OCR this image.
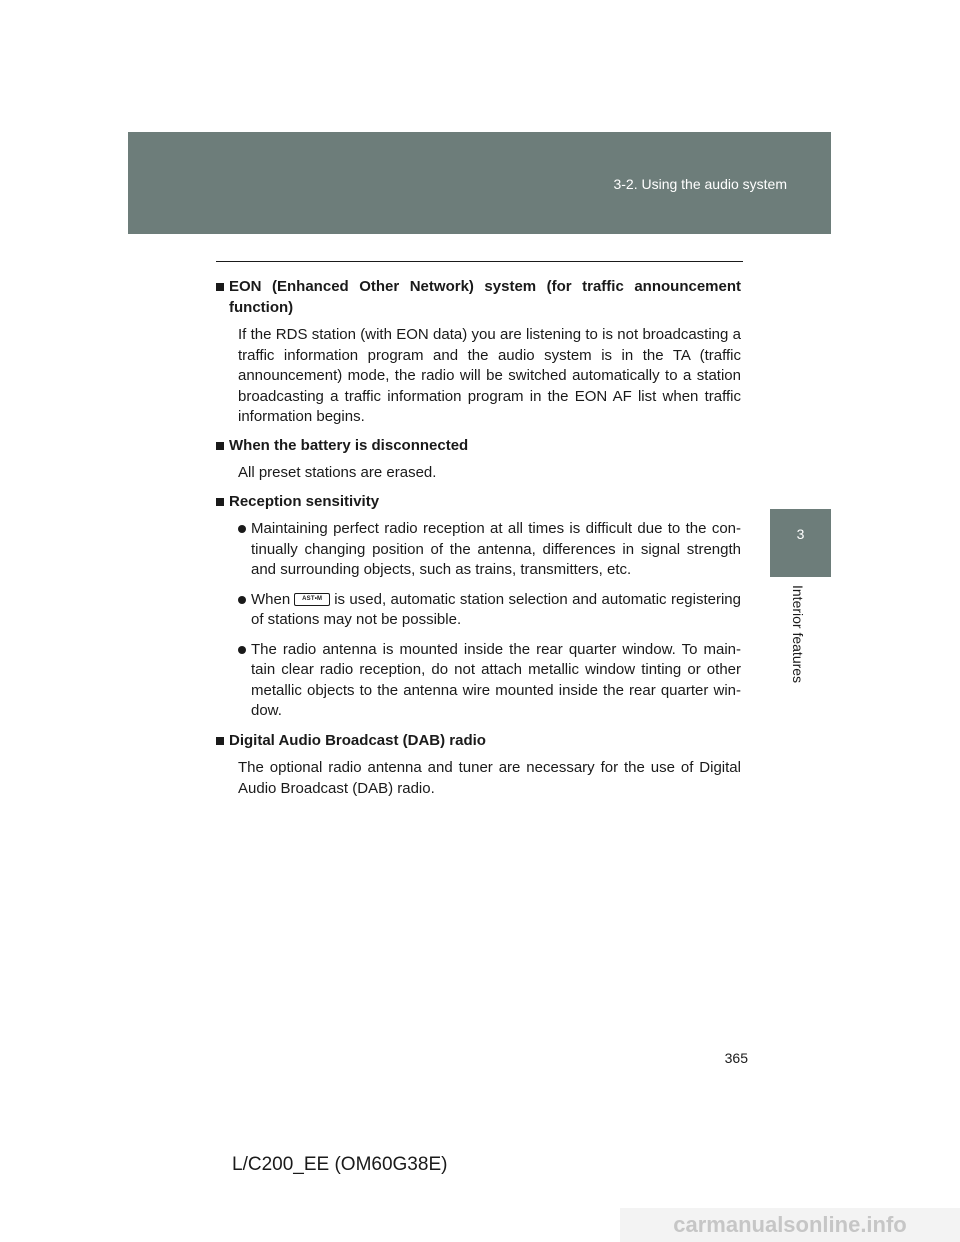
3-2. Using the audio system
3
Interior features
EON (Enhanced Other Network) system (for traffic announcement function)
If the RDS station (with EON data) you are listening to is not broadcasting a traffic information program and the audio system is in the TA (traffic announcement) mode, the radio will be switched automatically to a station broadcasting a traffic information program in the EON AF list when traffic information begins.
When the battery is disconnected
All preset stations are erased.
Reception sensitivity
Maintaining perfect radio reception at all times is difficult due to the con-tinually changing position of the antenna, differences in signal strength and surrounding objects, such as trains, transmitters, etc.
When	AST•M is used, automatic station selection and automatic registering of stations may not be possible.
The radio antenna is mounted inside the rear quarter window. To main-tain clear radio reception, do not attach metallic window tinting or other metallic objects to the antenna wire mounted inside the rear quarter win-dow.
Digital Audio Broadcast (DAB) radio
The optional radio antenna and tuner are necessary for the use of Digital Audio Broadcast (DAB) radio.
365
L/C200_EE (OM60G38E)
carmanualsonline.info
